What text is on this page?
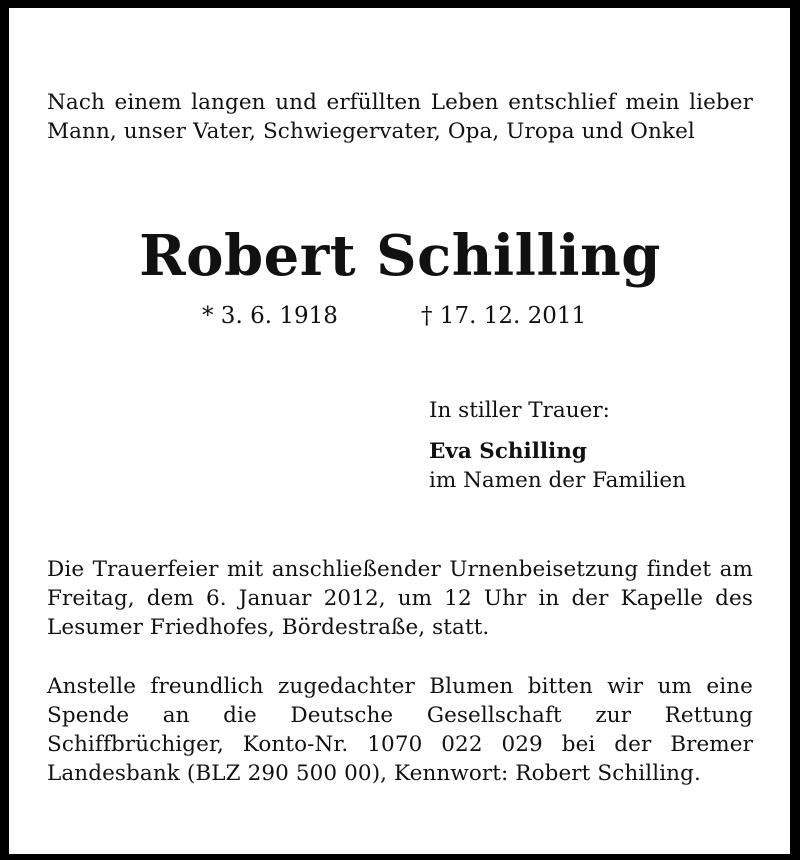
Nach einem langen und erfüllten Leben entschlief mein lieber Mann, unser Vater, Schwiegervater, Opa, Uropa und Onkel

Robert Schilling

* 3. 6. 1918	† 17. 12. 2011

In stiller Trauer:
Eva Schilling
im Namen der Familien

Die Trauerfeier mit anschließender Urnenbeisetzung findet am Freitag, dem 6. Januar 2012, um 12 Uhr in der Kapelle des Lesumer Friedhofes, Bördestraße, statt.

Anstelle freundlich zugedachter Blumen bitten wir um eine Spende an die Deutsche Gesellschaft zur Rettung Schiffbrüchiger, Konto-Nr. 1070 022 029 bei der Bremer Landesbank (BLZ 290 500 00), Kennwort: Robert Schilling.
